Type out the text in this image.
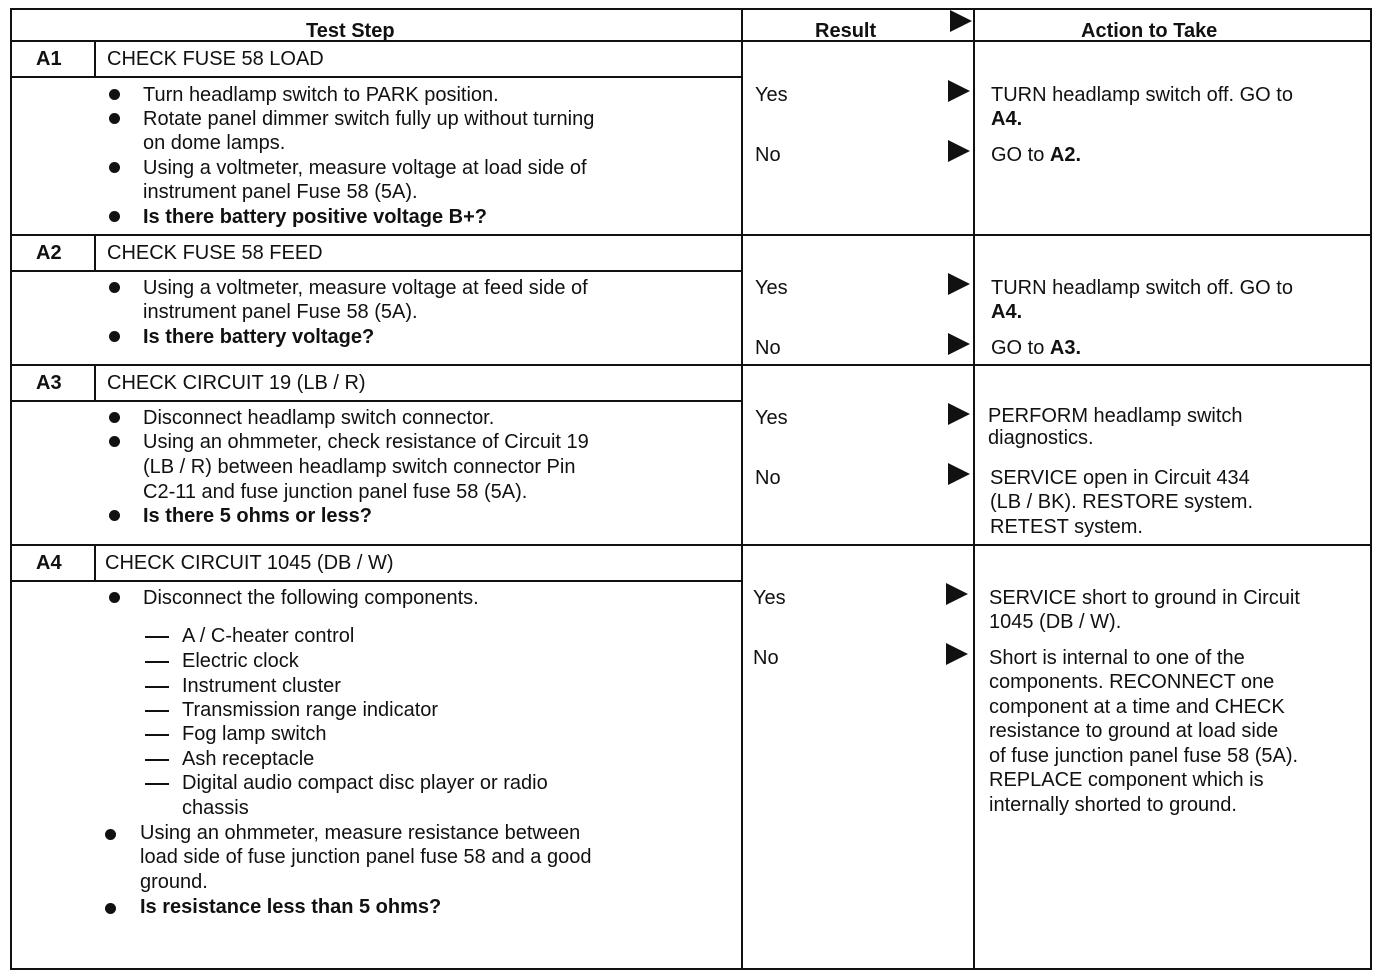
Test Step	Result	Action to Take
A1 CHECK FUSE 58 LOAD
Turn headlamp switch to PARK position.
Rotate panel dimmer switch fully up without turning
on dome lamps.
Using a voltmeter, measure voltage at load side of
instrument panel Fuse 58 (5A).
Is there battery positive voltage B+?
Yes
No
TURN headlamp switch off. GO to
A4.
GO to A2.
A2 CHECK FUSE 58 FEED
Using a voltmeter, measure voltage at feed side of
instrument panel Fuse 58 (5A).
Is there battery voltage?
Yes
No
TURN headlamp switch off. GO to
A4.
GO to A3.
A3 CHECK CIRCUIT 19 (LB / R)
Disconnect headlamp switch connector.
Using an ohmmeter, check resistance of Circuit 19
(LB / R) between headlamp switch connector Pin
C2-11 and fuse junction panel fuse 58 (5A).
Is there 5 ohms or less?
Yes
No
PERFORM headlamp switch
diagnostics.
SERVICE open in Circuit 434
(LB / BK). RESTORE system.
RETEST system.
A4 CHECK CIRCUIT 1045 (DB / W)
Disconnect the following components.
A / C-heater control
Electric clock
Instrument cluster
Transmission range indicator
Fog lamp switch
Ash receptacle
Digital audio compact disc player or radio
chassis
Using an ohmmeter, measure resistance between
load side of fuse junction panel fuse 58 and a good
ground.
Is resistance less than 5 ohms?
Yes
No
SERVICE short to ground in Circuit
1045 (DB / W).
Short is internal to one of the
components. RECONNECT one
component at a time and CHECK
resistance to ground at load side
of fuse junction panel fuse 58 (5A).
REPLACE component which is
internally shorted to ground.
